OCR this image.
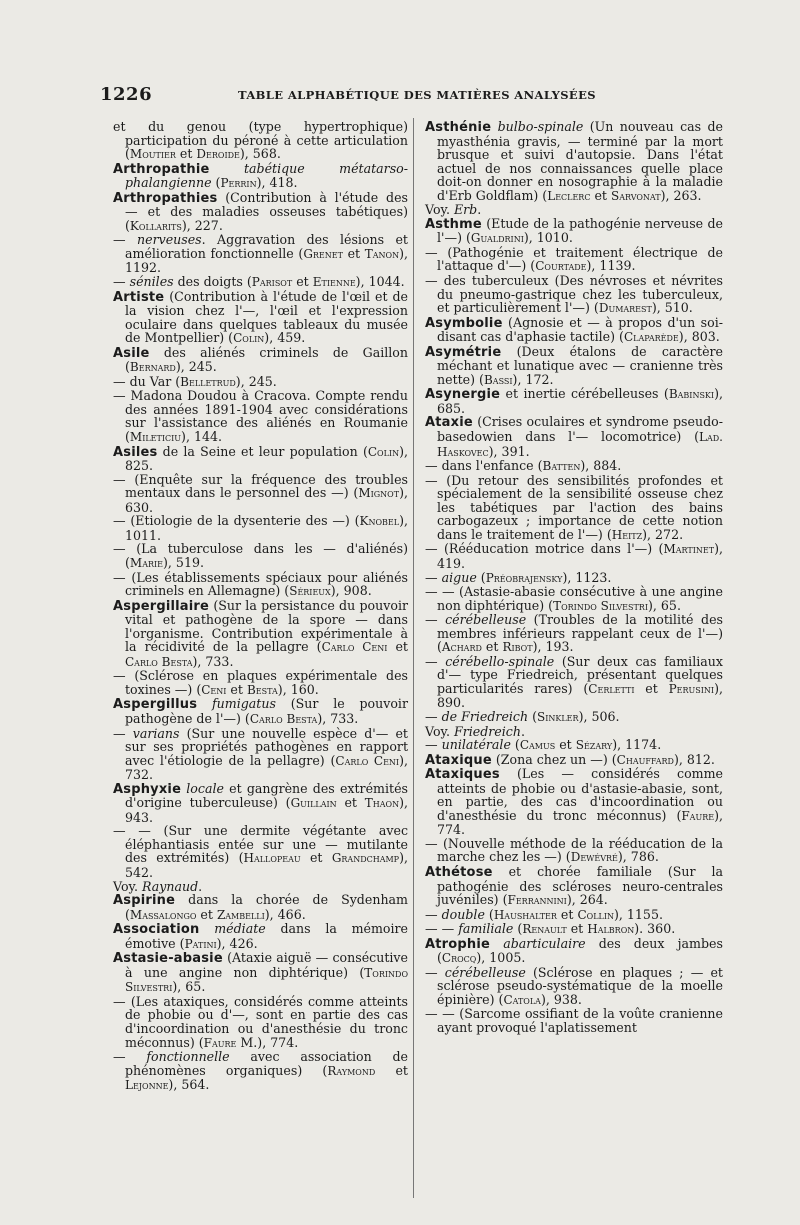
1226	TABLE ALPHABÉTIQUE DES MATIÈRES ANALYSÉES

et du genou (type hypertrophique) participation du péroné à cette articulation (Moutier et Deroide), 568.

Arthropathie	tabétique métatarso-phalangienne (Perrin), 418.

Arthropathies (Contribution à l'étude des — et des maladies osseuses tabétiques) (Kollarits), 227.

— nerveuses. Aggravation des lésions et amélioration fonctionnelle (Grenet et Tanon), 1192.

— séniles des doigts (Parisot et Etienne), 1044.

Artiste (Contribution à l'étude de l'œil et de la vision chez l'—, l'œil et l'expression oculaire dans quelques tableaux du musée de Montpellier) (Colin), 459.

Asile des aliénés criminels de Gaillon (Bernard), 245.

— du Var (Belletrud), 245.

— Madona Doudou à Cracova. Compte rendu des années 1891-1904 avec considérations sur l'assistance des aliénés en Roumanie (Mileticiu), 144.

Asiles de la Seine et leur population (Colin), 825.

— (Enquête sur la fréquence des troubles mentaux dans le personnel des —) (Mignot), 630.

— (Etiologie de la dysenterie des —) (Knobel), 1011.

— (La tuberculose dans les — d'aliénés) (Marie), 519.

— (Les établissements spéciaux pour aliénés criminels en Allemagne) (Sérieux), 908.

Aspergillaire (Sur la persistance du pouvoir vital et pathogène de la spore — dans l'organisme. Contribution expérimentale à la récidivité de la pellagre (Carlo Ceni et Carlo Besta), 733.

— (Sclérose en plaques expérimentale des toxines —) (Ceni et Besta), 160.

Aspergillus fumigatus (Sur le pouvoir pathogène de l'—) (Carlo Besta), 733.

— varians (Sur une nouvelle espèce d'— et sur ses propriétés pathogènes en rapport avec l'étiologie de la pellagre) (Carlo Ceni), 732.

Asphyxie locale et gangrène des extrémités d'origine tuberculeuse) (Guillain et Thaon), 943.

— — (Sur une dermite végétante avec éléphantiasis entée sur une — mutilante des extrémités) (Hallopeau et Grandchamp), 542.

Voy. Raynaud.

Aspirine dans la chorée de Sydenham (Massalongo et Zambelli), 466.

Association médiate dans la mémoire émotive (Patini), 426.

Astasie-abasie (Ataxie aiguë — consécutive à une angine non diphtérique) (Torindo Silvestri), 65.

— (Les ataxiques, considérés comme atteints de phobie ou d'—, sont en partie des cas d'incoordination ou d'anesthésie du tronc méconnus) (Faure M.), 774.

— fonctionnelle avec association de phénomènes organiques) (Raymond et Lejonne), 564.

Asthénie bulbo-spinale (Un nouveau cas de myasthénia gravis, — terminé par la mort brusque et suivi d'autopsie. Dans l'état actuel de nos connaissances quelle place doit-on donner en nosographie à la maladie d'Erb Goldflam) (Leclerc et Sarvonat), 263.

Voy. Erb.

Asthme (Etude de la pathogénie nerveuse de l'—) (Gualdrini), 1010.

— (Pathogénie et traitement électrique de l'attaque d'—) (Courtade), 1139.

— des tuberculeux (Des névroses et névrites du pneumo-gastrique chez les tuberculeux, et particulièrement l'—) (Dumarest), 510.

Asymbolie (Agnosie et — à propos d'un soi-disant cas d'aphasie tactile) (Claparède), 803.

Asymétrie (Deux étalons de caractère méchant et lunatique avec — cranienne très nette) (Bassi), 172.

Asynergie et inertie cérébelleuses (Babinski), 685.

Ataxie (Crises oculaires et syndrome pseudo-basedowien dans l'— locomotrice) (Lad. Haskovec), 391.

— dans l'enfance (Batten), 884.

— (Du retour des sensibilités profondes et spécialement de la sensibilité osseuse chez les tabétiques par l'action des bains carbogazeux ; importance de cette notion dans le traitement de l'—) (Heitz), 272.

— (Rééducation motrice dans l'—) (Martinet), 419.

— aigue (Préobrajensky), 1123.

— — (Astasie-abasie consécutive à une angine non diphtérique) (Torindo Silvestri), 65.

— cérébelleuse (Troubles de la motilité des membres inférieurs rappelant ceux de l'—) (Achard et Ribot), 193.

— cérébello-spinale (Sur deux cas familiaux d'— type Friedreich, présentant quelques particularités rares) (Cerletti et Perusini), 890.

— de Friedreich (Sinkler), 506.

Voy. Friedreich.

— unilatérale (Camus et Sézary), 1174.

Ataxique (Zona chez un —) (Chauffard), 812.

Ataxiques (Les — considérés comme atteints de phobie ou d'astasie-abasie, sont, en partie, des cas d'incoordination ou d'anesthésie du tronc méconnus) (Faure), 774.

— (Nouvelle méthode de la rééducation de la marche chez les —) (Dewévré), 786.

Athétose et chorée familiale (Sur la pathogénie des scléroses neuro-centrales juvéniles) (Ferrannini), 264.

— double (Haushalter et Collin), 1155.

— — familiale (Renault et Halbron). 360.

Atrophie abarticulaire des deux jambes (Crocq), 1005.

— cérébelleuse (Sclérose en plaques ; — et sclérose pseudo-systématique de la moelle épinière) (Catola), 938.

— — (Sarcome ossifiant de la voûte cranienne ayant provoqué l'aplatissement
